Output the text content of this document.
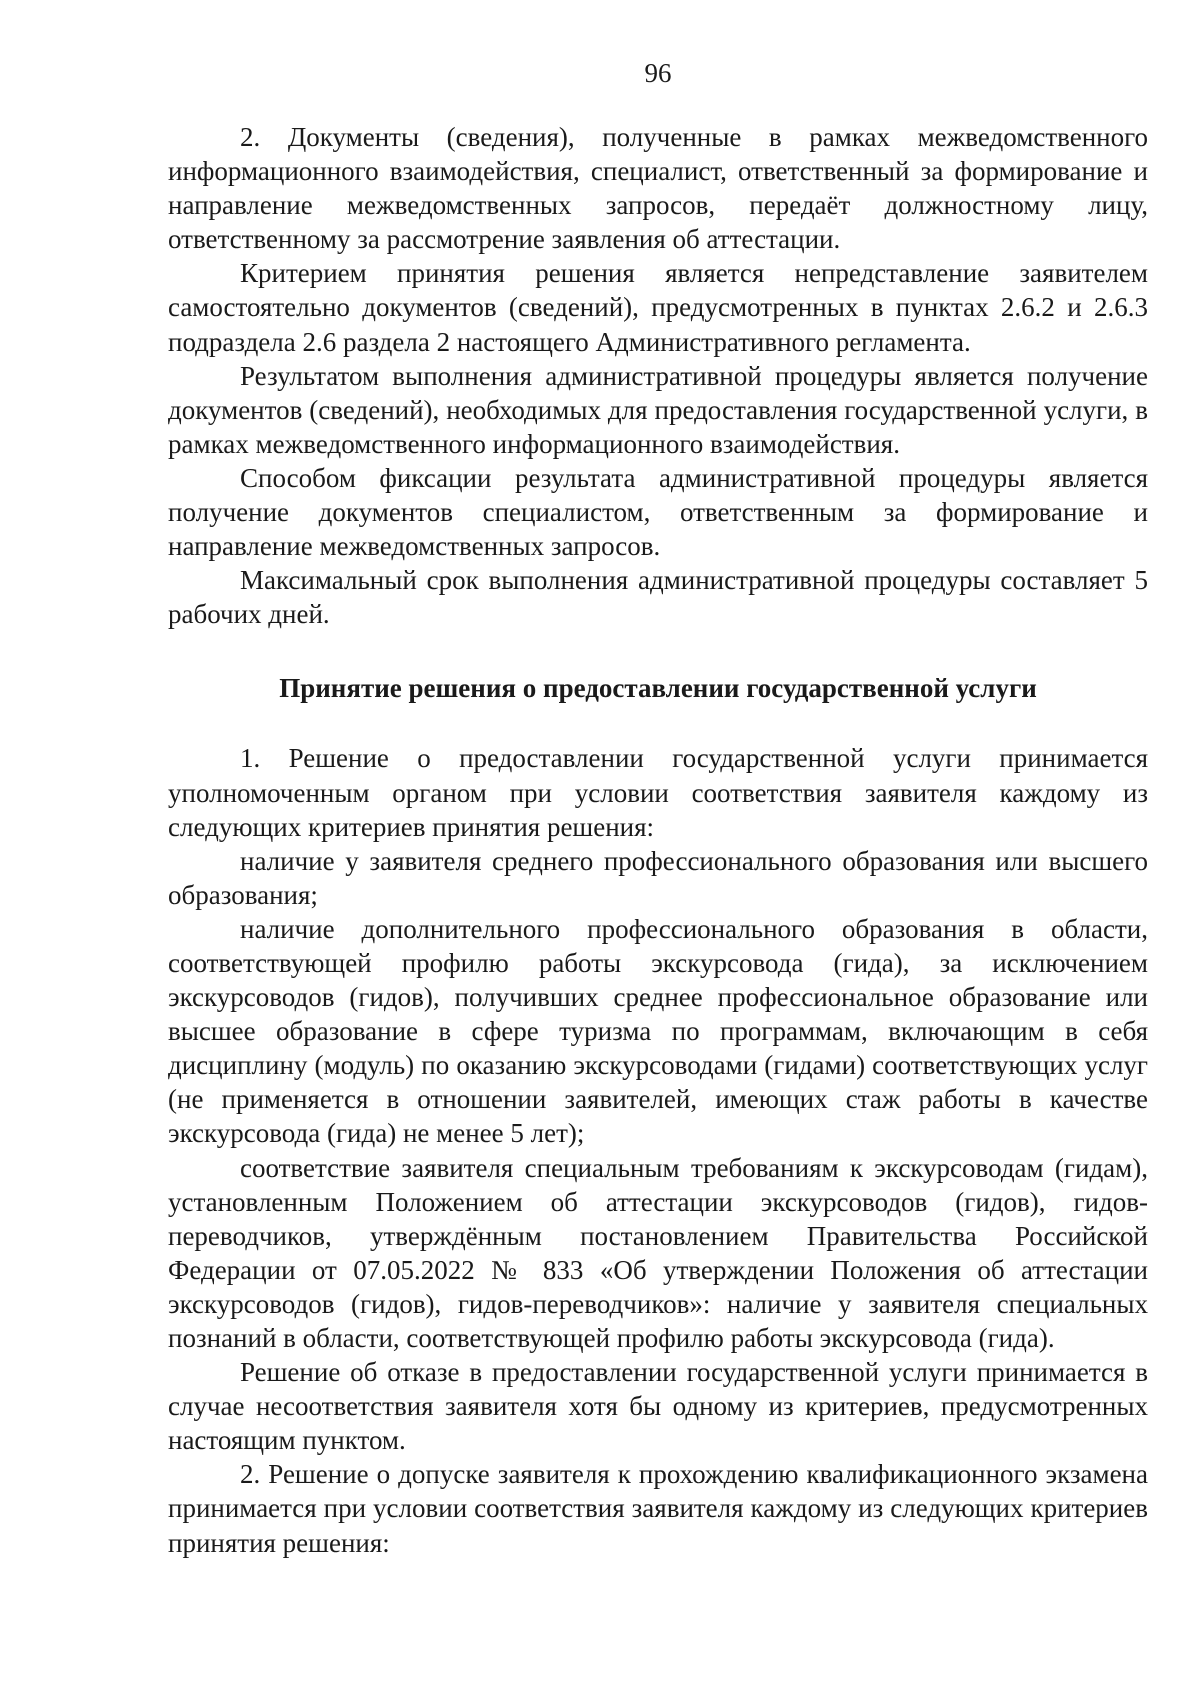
96

2. Документы (сведения), полученные в рамках межведомственного информационного взаимодействия, специалист, ответственный за формирование и направление межведомственных запросов, передаёт должностному лицу, ответственному за рассмотрение заявления об аттестации.

Критерием принятия решения является непредставление заявителем самостоятельно документов (сведений), предусмотренных в пунктах 2.6.2 и 2.6.3 подраздела 2.6 раздела 2 настоящего Административного регламента.

Результатом выполнения административной процедуры является получение документов (сведений), необходимых для предоставления государственной услуги, в рамках межведомственного информационного взаимодействия.

Способом фиксации результата административной процедуры является получение документов специалистом, ответственным за формирование и направление межведомственных запросов.

Максимальный срок выполнения административной процедуры составляет 5 рабочих дней.

Принятие решения о предоставлении государственной услуги

1. Решение о предоставлении государственной услуги принимается уполномоченным органом при условии соответствия заявителя каждому из следующих критериев принятия решения:

наличие у заявителя среднего профессионального образования или высшего образования;

наличие дополнительного профессионального образования в области, соответствующей профилю работы экскурсовода (гида), за исключением экскурсоводов (гидов), получивших среднее профессиональное образование или высшее образование в сфере туризма по программам, включающим в себя дисциплину (модуль) по оказанию экскурсоводами (гидами) соответствующих услуг (не применяется в отношении заявителей, имеющих стаж работы в качестве экскурсовода (гида) не менее 5 лет);

соответствие заявителя специальным требованиям к экскурсоводам (гидам), установленным Положением об аттестации экскурсоводов (гидов), гидов-переводчиков, утверждённым постановлением Правительства Российской Федерации от 07.05.2022 № 833 «Об утверждении Положения об аттестации экскурсоводов (гидов), гидов-переводчиков»: наличие у заявителя специальных познаний в области, соответствующей профилю работы экскурсовода (гида).

Решение об отказе в предоставлении государственной услуги принимается в случае несоответствия заявителя хотя бы одному из критериев, предусмотренных настоящим пунктом.

2. Решение о допуске заявителя к прохождению квалификационного экзамена принимается при условии соответствия заявителя каждому из следующих критериев принятия решения:
